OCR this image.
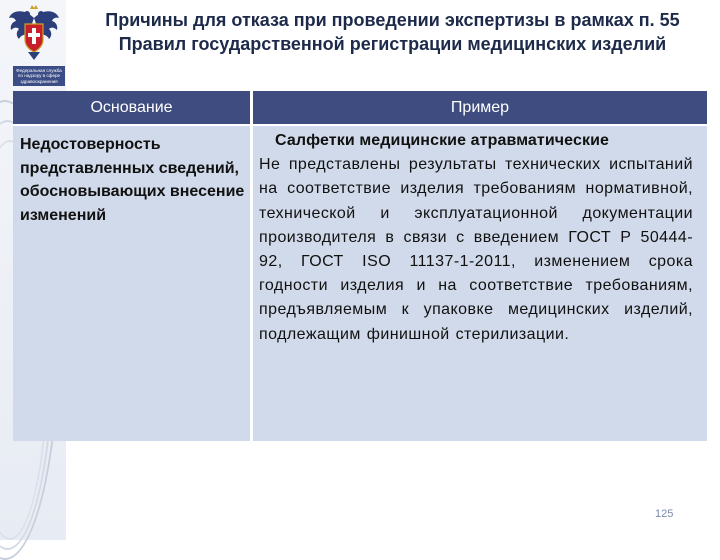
Федеральная служба по надзору в сфере здравоохранения
Причины для отказа при проведении экспертизы в рамках п. 55
Правил государственной регистрации медицинских изделий
Основание	Пример
Недостоверность представленных сведений, обосновывающих внесение изменений
Салфетки медицинские атравматические
Не представлены результаты технических испытаний на соответствие изделия требованиям нормативной, технической и эксплуатационной документации производителя в связи с введением ГОСТ Р 50444-92, ГОСТ ISO 11137-1-2011, изменением срока годности изделия и на соответствие требованиям, предъявляемым к упаковке медицинских изделий, подлежащим финишной стерилизации.
125
